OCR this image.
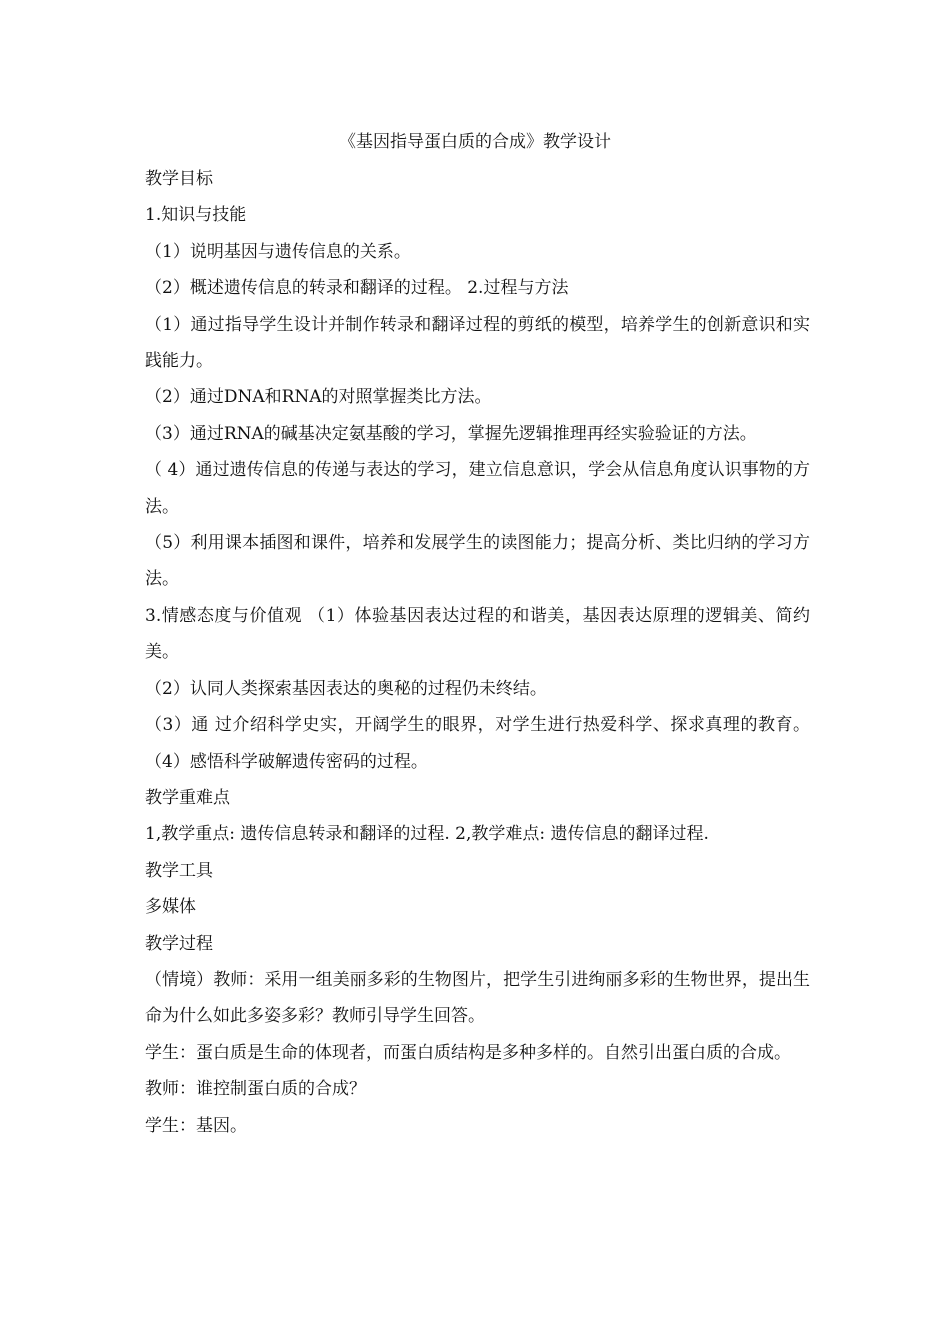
《基因指导蛋白质的合成》教学设计

教学目标

1.知识与技能

（1）说明基因与遗传信息的关系。

（2）概述遗传信息的转录和翻译的过程。 2.过程与方法

（1）通过指导学生设计并制作转录和翻译过程的剪纸的模型，培养学生的创新意识和实践能力。

（2）通过DNA和RNA的对照掌握类比方法。

（3）通过RNA的碱基决定氨基酸的学习，掌握先逻辑推理再经实验验证的方法。

（ 4）通过遗传信息的传递与表达的学习，建立信息意识，学会从信息角度认识事物的方法。

（5）利用课本插图和课件，培养和发展学生的读图能力；提高分析、类比归纳的学习方法。

3.情感态度与价值观 （1）体验基因表达过程的和谐美，基因表达原理的逻辑美、简约美。

（2）认同人类探索基因表达的奥秘的过程仍未终结。

（3）通 过介绍科学史实，开阔学生的眼界，对学生进行热爱科学、探求真理的教育。 （4）感悟科学破解遗传密码的过程。

教学重难点

1,教学重点: 遗传信息转录和翻译的过程. 2,教学难点: 遗传信息的翻译过程.

教学工具

多媒体

教学过程

（情境）教师：采用一组美丽多彩的生物图片，把学生引进绚丽多彩的生物世界，提出生命为什么如此多姿多彩？教师引导学生回答。

学生：蛋白质是生命的体现者，而蛋白质结构是多种多样的。自然引出蛋白质的合成。

教师：谁控制蛋白质的合成？

学生：基因。
